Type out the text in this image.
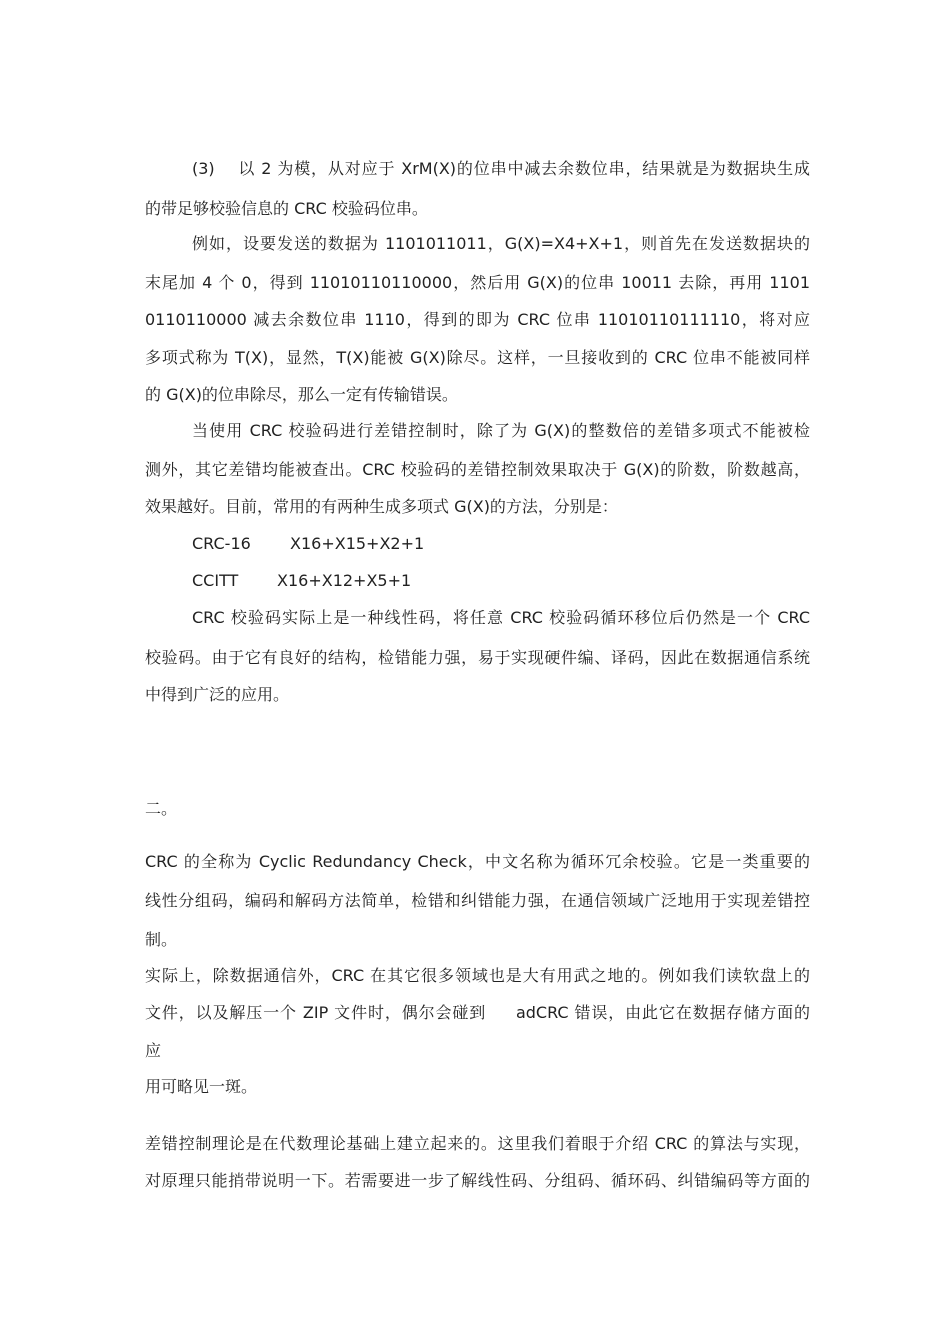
(3)    以 2 为模，从对应于 XrM(X)的位串中减去余数位串，结果就是为数据块生成
的带足够校验信息的 CRC 校验码位串。
例如，设要发送的数据为 1101011011，G(X)=X4+X+1，则首先在发送数据块的
末尾加 4 个 0，得到 11010110110000，然后用 G(X)的位串 10011 去除，再用 1101
0110110000 减去余数位串 1110，得到的即为 CRC 位串 11010110111110，将对应
多项式称为 T(X)，显然，T(X)能被 G(X)除尽。这样，一旦接收到的 CRC 位串不能被同样
的 G(X)的位串除尽，那么一定有传输错误。
当使用 CRC 校验码进行差错控制时，除了为 G(X)的整数倍的差错多项式不能被检
测外，其它差错均能被查出。CRC 校验码的差错控制效果取决于 G(X)的阶数，阶数越高，
效果越好。目前，常用的有两种生成多项式 G(X)的方法，分别是：
CRC-16 X16+X15+X2+1
CCITT X16+X12+X5+1
CRC 校验码实际上是一种线性码，将任意 CRC 校验码循环移位后仍然是一个 CRC
校验码。由于它有良好的结构，检错能力强，易于实现硬件编、译码，因此在数据通信系统
中得到广泛的应用。
二。
CRC 的全称为 Cyclic Redundancy Check，中文名称为循环冗余校验。它是一类重要的
线性分组码，编码和解码方法简单，检错和纠错能力强，在通信领域广泛地用于实现差错控
制。
实际上，除数据通信外，CRC 在其它很多领域也是大有用武之地的。例如我们读软盘上的
文件，以及解压一个 ZIP 文件时，偶尔会碰到     adCRC 错误，由此它在数据存储方面的
应
用可略见一斑。
差错控制理论是在代数理论基础上建立起来的。这里我们着眼于介绍 CRC 的算法与实现，
对原理只能捎带说明一下。若需要进一步了解线性码、分组码、循环码、纠错编码等方面的
